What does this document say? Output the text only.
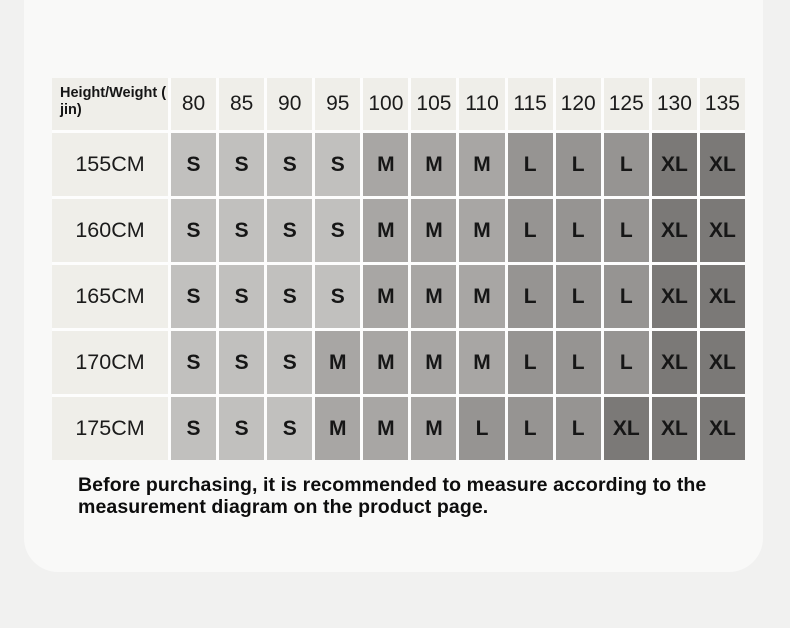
Height/Weight (
jin)	80	85	90	95 100 105 110 115 120 125 130 135
155CM	S	S	S	S	M	M	M	L	L	L	XL	XL
160CM	S	S	S	S	M	M	M	L	L	L	XL	XL
165CM	S	S	S	S	M	M	M	L	L	L	XL	XL
170CM	S	S	S	M	M	M	M	L	L	L	XL	XL
175CM	S	S	S	M	M	M	L	L	L	XL	XL	XL
Before purchasing, it is recommended to measure according to the measurement diagram on the product page.
